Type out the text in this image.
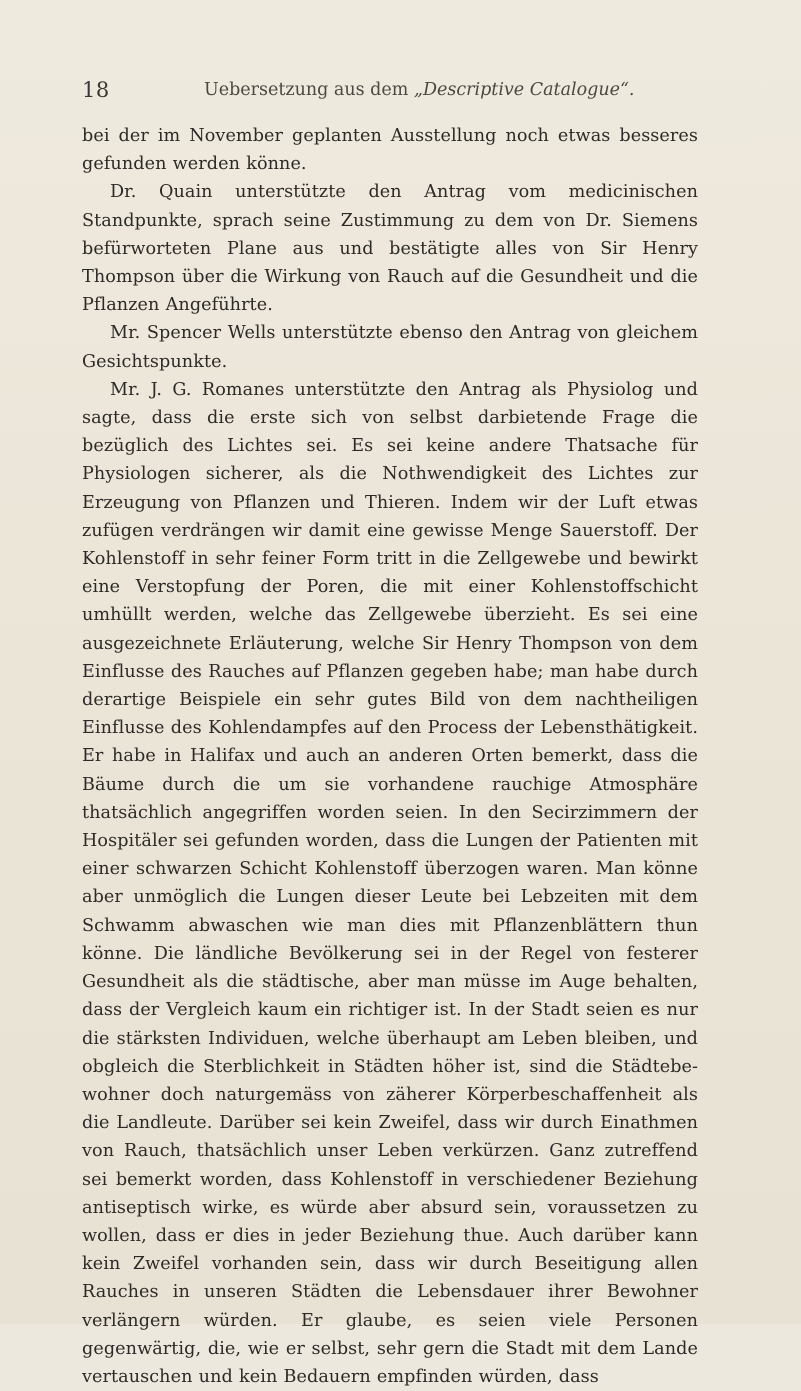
18	Uebersetzung aus dem „Descriptive Catalogue“.

bei der im November geplanten Ausstellung noch etwas besseres gefunden werden könne.

Dr. Quain unterstützte den Antrag vom medicinischen Standpunkte, sprach seine Zustimmung zu dem von Dr. Siemens befürworteten Plane aus und bestätigte alles von Sir Henry Thompson über die Wirkung von Rauch auf die Gesundheit und die Pflanzen Angeführte.

Mr. Spencer Wells unterstützte ebenso den Antrag von gleichem Gesichtspunkte.

Mr. J. G. Romanes unterstützte den Antrag als Physiolog und sagte, dass die erste sich von selbst darbietende Frage die bezüglich des Lichtes sei. Es sei keine andere Thatsache für Physiologen sicherer, als die Nothwendigkeit des Lichtes zur Erzeugung von Pflanzen und Thieren. Indem wir der Luft etwas zufügen verdrängen wir damit eine gewisse Menge Sauerstoff. Der Kohlenstoff in sehr feiner Form tritt in die Zellgewebe und bewirkt eine Verstopfung der Poren, die mit einer Kohlenstoffschicht umhüllt werden, welche das Zellgewebe überzieht. Es sei eine ausgezeichnete Erläuterung, welche Sir Henry Thompson von dem Einflusse des Rauches auf Pflanzen gegeben habe; man habe durch derartige Beispiele ein sehr gutes Bild von dem nachtheiligen Einflusse des Kohlendampfes auf den Process der Lebensthätigkeit. Er habe in Halifax und auch an anderen Orten bemerkt, dass die Bäume durch die um sie vorhandene rauchige Atmosphäre thatsächlich angegriffen worden seien. In den Secirzimmern der Hospitäler sei gefunden worden, dass die Lungen der Patienten mit einer schwarzen Schicht Kohlenstoff überzogen waren. Man könne aber unmöglich die Lungen dieser Leute bei Lebzeiten mit dem Schwamm abwaschen wie man dies mit Pflanzenblättern thun könne. Die ländliche Bevölkerung sei in der Regel von festerer Gesundheit als die städtische, aber man müsse im Auge behalten, dass der Vergleich kaum ein richtiger ist. In der Stadt seien es nur die stärksten Individuen, welche überhaupt am Leben bleiben, und obgleich die Sterblichkeit in Städten höher ist, sind die Städtebewohner doch naturgemäss von zäherer Körperbeschaffenheit als die Landleute. Darüber sei kein Zweifel, dass wir durch Einathmen von Rauch, thatsächlich unser Leben verkürzen. Ganz zutreffend sei bemerkt worden, dass Kohlenstoff in verschiedener Beziehung antiseptisch wirke, es würde aber absurd sein, voraussetzen zu wollen, dass er dies in jeder Beziehung thue. Auch darüber kann kein Zweifel vorhanden sein, dass wir durch Beseitigung allen Rauches in unseren Städten die Lebensdauer ihrer Bewohner verlängern würden. Er glaube, es seien viele Personen gegenwärtig, die, wie er selbst, sehr gern die Stadt mit dem Lande vertauschen und kein Bedauern empfinden würden, dass
